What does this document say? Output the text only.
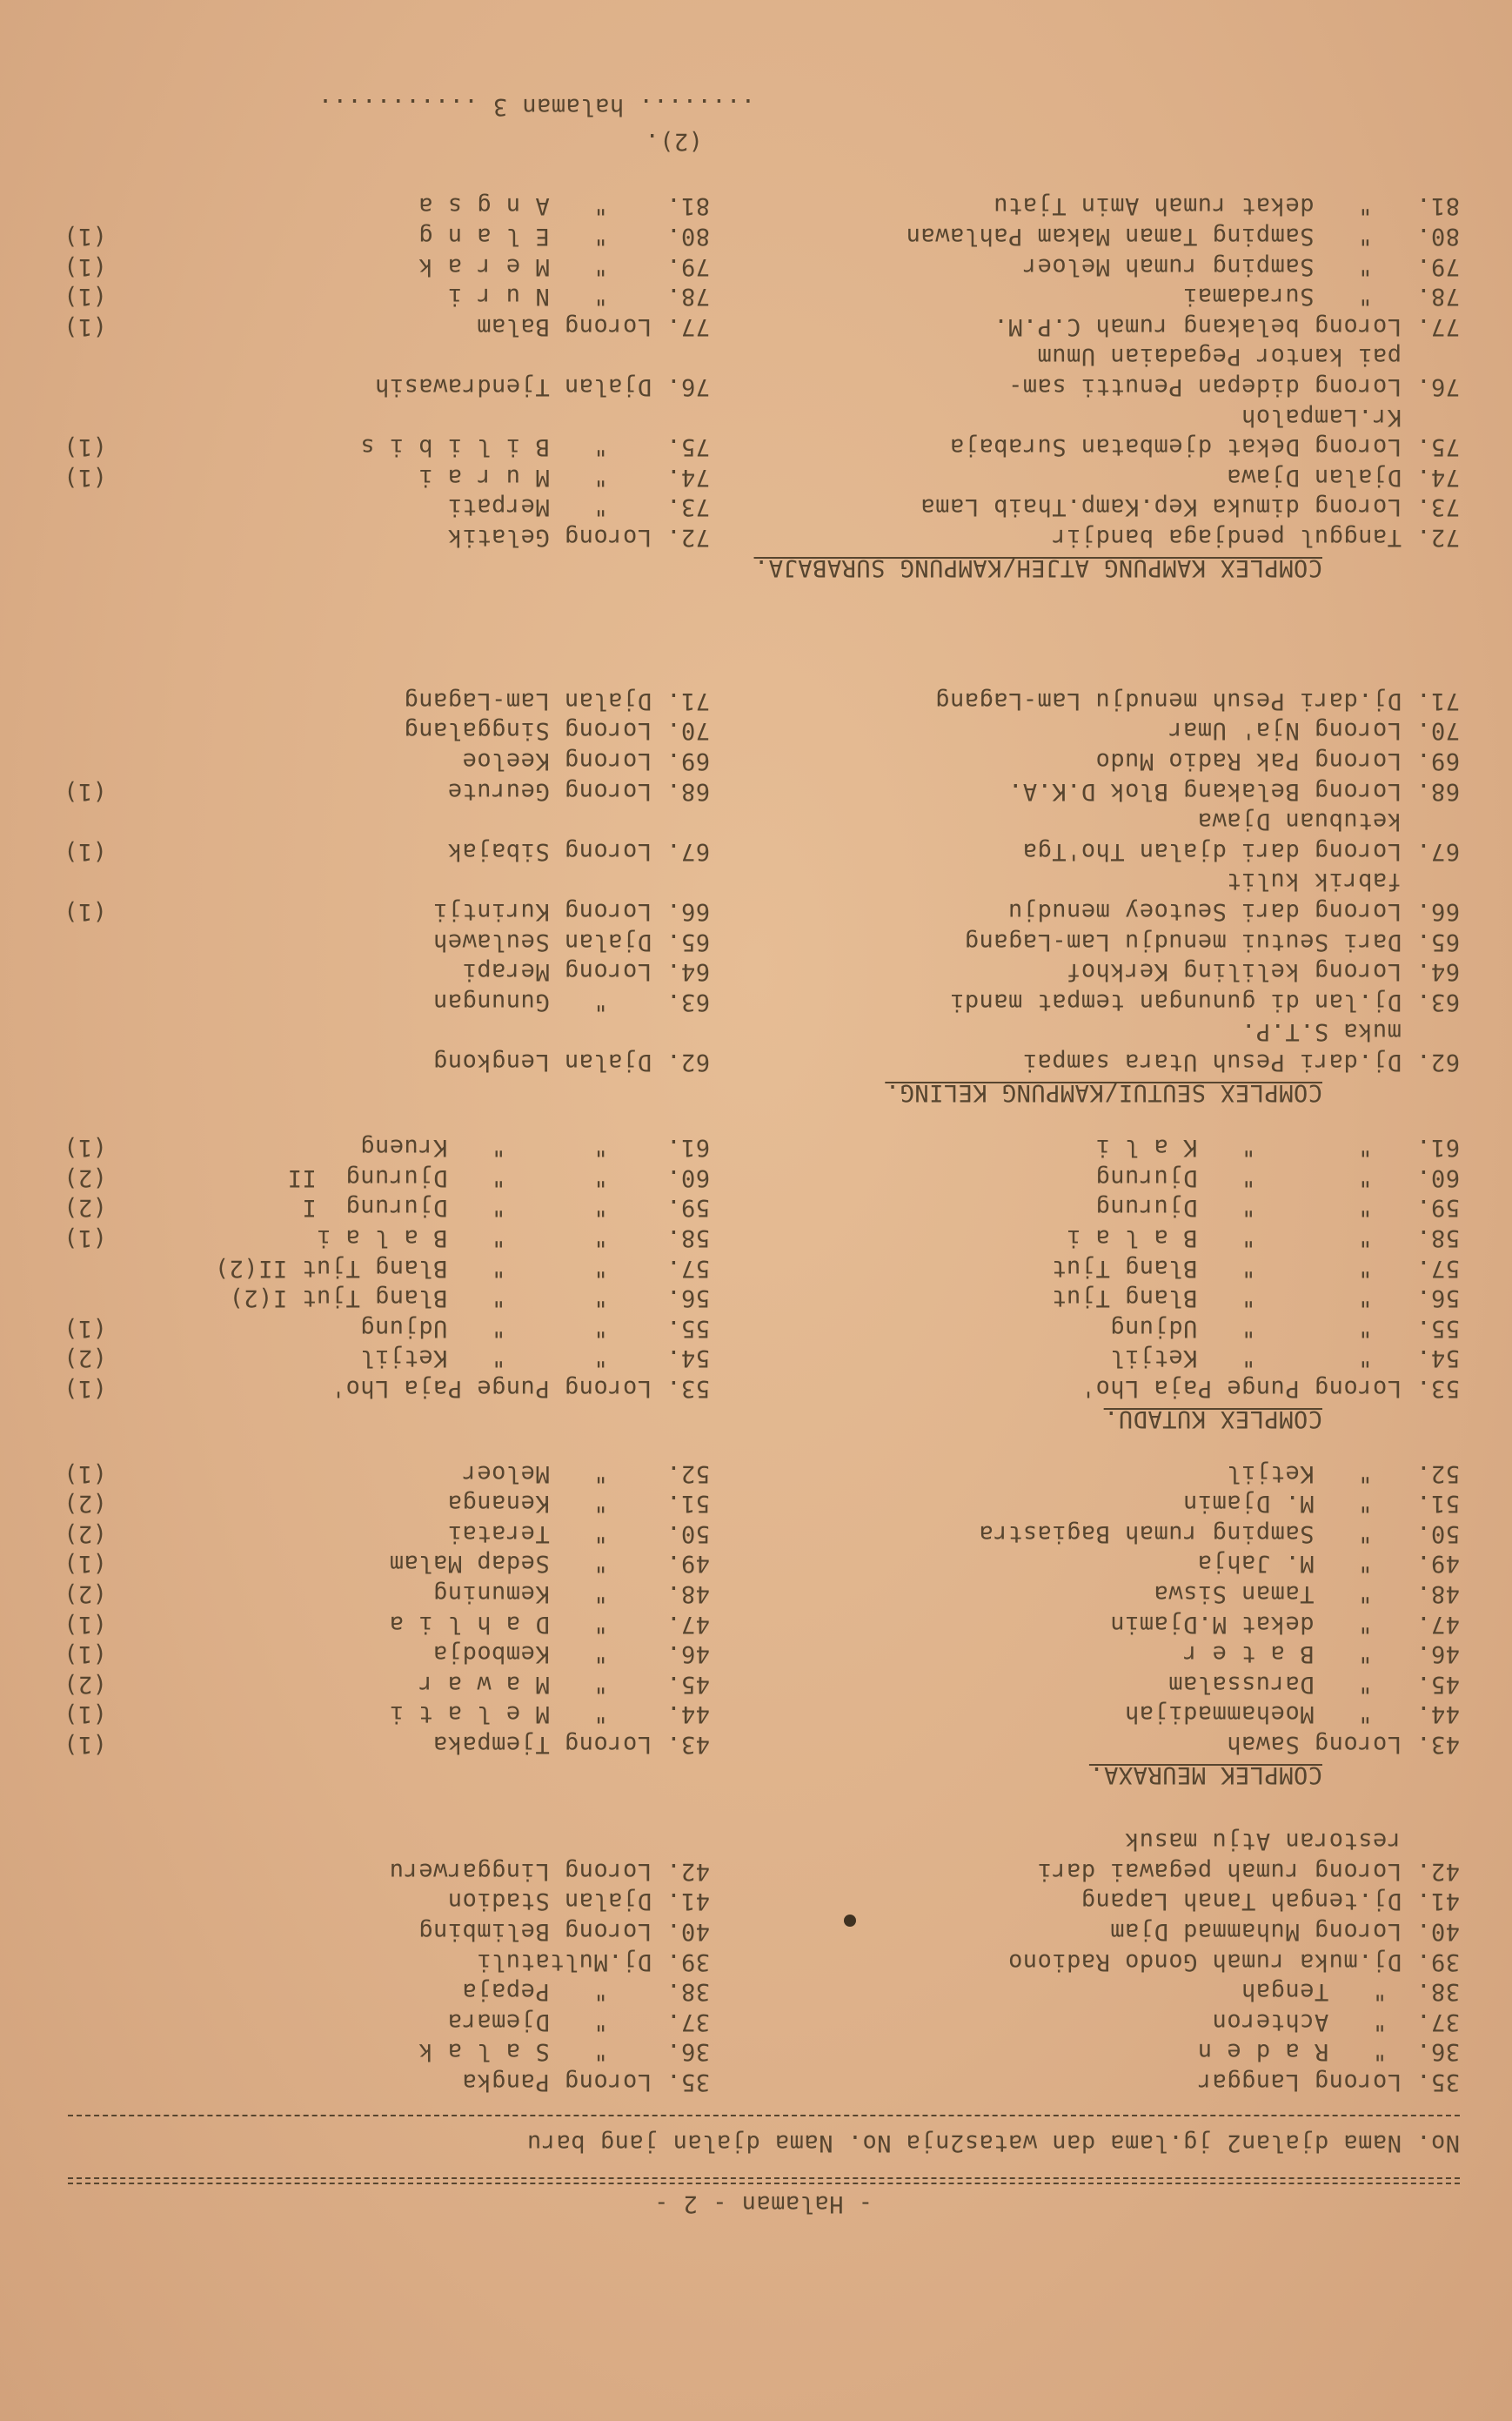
- Halaman - 2 -
No. Nama djalan2 jg.lama dan watas2nja No. Nama djalan jang baru
35. Lorong Langgar
36.  "   R a d e n
37.  "   Achteron
38.  "   Tengah
39. Dj.muka rumah Gondo Radiono
40. Lorong Muhammad Djam
41. Dj.tengah Tanah Lapang
42. Lorong rumah pegawai dari
restoran Atju masuk
35. Lorong Pangka
36.    "   S a l a k
37.    "   Djemara
38.    "   Pepaja
39. Dj.Multatuli
40. Lorong Belimbing
41. Djalan Stadion
42. Lorong Linggarweru
COMPLEK MEURAXA.
43. Lorong Sawah
44.   "   Moehammadijah
45.   "   Darussalam
46.   "   B a t e r
47.   "   dekat M.Djamin
48.   "   Taman Siswa
49.   "   M. Jahja
50.   "   Samping rumah Bagiastra
51.   "   M. Djamin
52.   "   Ketjil
43. Lorong Tjempaka
44.    "   M e l a t i
45.    "   M a w a r
46.    "   Kembodja
47.    "   D a h l i a
48.    "   Kemuning
49.    "   Sedap Malam
50.    "   Teratai
51.    "   Kenanga
52.    "   Meloer
(1)
(1)
(2)
(1)
(1)
(2)
(1)
(2)
(2)
(1)
COMPLEX KUTADU.
53. Lorong Punge Paja Lho'
54.   "       "   Ketjil
55.   "       "   Udjung
56.   "       "   Blang Tjut
57.   "       "   Blang Tjut
58.   "       "   B a l a i
59.   "       "   Djurung
60.   "       "   Djurung
61.   "       "   K a l i
53. Lorong Punge Paja Lho'
54.    "      "   Ketjil
55.    "      "   Udjung
56.    "      "   Blang Tjut I(2)
57.    "      "   Blang Tjut II(2)
58.    "      "   B a l a i
59.    "      "   Djurung  I
60.    "      "   Djurung  II
61.    "      "   Krueng
(1)
(2)
(1)
(1)
(2)
(2)
(1)
COMPLEX SEUTUI/KAMPUNG KELING.
62. Dj.dari Pesuh Utara sampai
muka S.T.P.
63. Dj.lan di gunungan tempat mandi
64. Lorong keliling Kerkhof
65. Dari Seutui menudju Lam-Lagang
66. Lorong dari Seutoey menudju
fabrik kulit
67. Lorong dari djalan Tho'Tga
ketubuan Djawa
68. Lorong Belakang Blok D.K.A.
69. Lorong Pak Radio Mudo
70. Lorong Nja' Umar
71. Dj.dari Pesuh menudju Lam-Lagang
62. Djalan Lengkong
63.    "   Gunungan
64. Lorong Merapi
65. Djalan Seulaweh
66. Lorong Kurintji
67. Lorong Sibajak
68. Lorong Geurute
69. Lorong Keeloe
70. Lorong Singgalang
71. Djalan Lam-Lagang
(1)
(1)
(1)
COMPLEX KAMPUNG ATJEH/KAMPUNG SURABAJA.
72. Tanggul pendjaga bandjir
73. Lorong dimuka Kep.Kamp.Thaib Lama
74. Djalan Djawa
75. Lorong Dekat djembatan Surabaja
Kr.Lampaloh
76. Lorong didepan Penutti sam-
pai kantor Pegadaian Umum
77. Lorong belakang rumah C.P.M.
78.   "   Suradamai
79.   "   Samping rumah Meloer
80.   "   Samping Taman Makam Pahlawan
81.   "   dekat rumah Amin Tjatu
72. Lorong Gelatik
73.    "   Merpati
74.    "   M u r a i
75.    "   B i l i b i s
76. Djalan Tjendrawasih
77. Lorong Balam
78.    "   N u r i
79.    "   M e r a k
80.    "   E l a n g
81.    "   A n g s a
(1)
(1)
(1)
(1)
(1)
(1)
(2).
........ halaman 3 ...........
